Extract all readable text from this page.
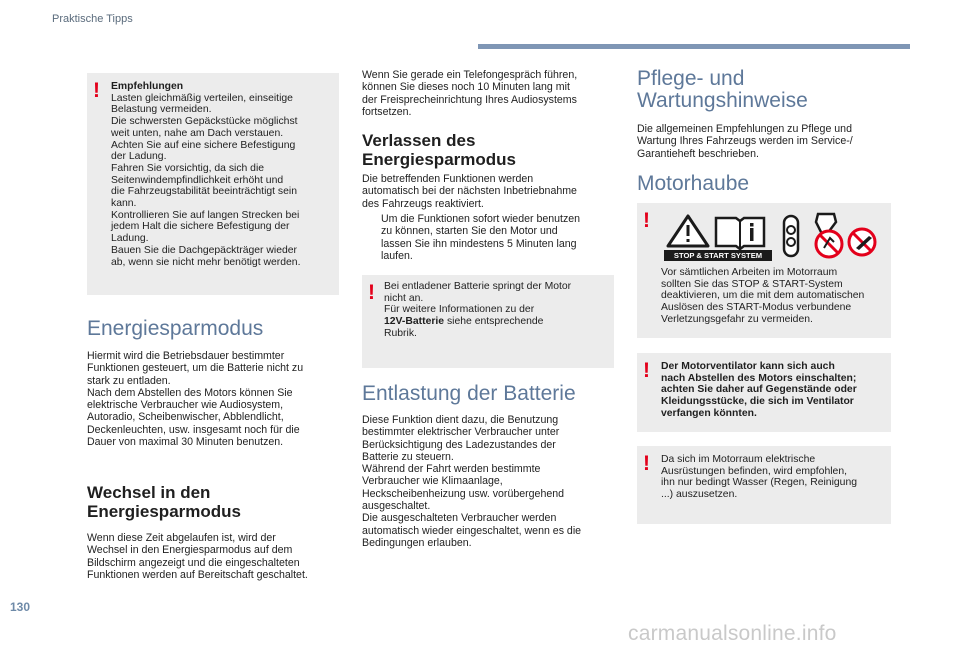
Praktische Tipps
130
carmanualsonline.info
! Empfehlungen

Lasten gleichmäßig verteilen, einseitige

Belastung vermeiden.

Die schwersten Gepäckstücke möglichst

weit unten, nahe am Dach verstauen.

Achten Sie auf eine sichere Befestigung

der Ladung.

Fahren Sie vorsichtig, da sich die

Seitenwindempfindlichkeit erhöht und

die Fahrzeugstabilität beeinträchtigt sein

kann.

Kontrollieren Sie auf langen Strecken bei

jedem Halt die sichere Befestigung der

Ladung.

Bauen Sie die Dachgepäckträger wieder

ab, wenn sie nicht mehr benötigt werden.

Energiesparmodus

Hiermit wird die Betriebsdauer bestimmter

Funktionen gesteuert, um die Batterie nicht zu

stark zu entladen.

Nach dem Abstellen des Motors können Sie

elektrische Verbraucher wie Audiosystem,

Autoradio, Scheibenwischer, Abblendlicht,

Deckenleuchten, usw. insgesamt noch für die

Dauer von maximal 30 Minuten benutzen.

Wechsel in den

Energiesparmodus

Wenn diese Zeit abgelaufen ist, wird der

Wechsel in den Energiesparmodus auf dem

Bildschirm angezeigt und die eingeschalteten

Funktionen werden auf Bereitschaft geschaltet.

Wenn Sie gerade ein Telefongespräch führen,

können Sie dieses noch 10 Minuten lang mit

der Freisprecheinrichtung Ihres Audiosystems

fortsetzen.

Verlassen des

Energiesparmodus

Die betreffenden Funktionen werden

automatisch bei der nächsten Inbetriebnahme

des Fahrzeugs reaktiviert.

Um die Funktionen sofort wieder benutzen

zu können, starten Sie den Motor und

lassen Sie ihn mindestens 5 Minuten lang

laufen.

! Bei entladener Batterie springt der Motor

nicht an.

Für weitere Informationen zu der

12V-Batterie siehe entsprechende

Rubrik.

Entlastung der Batterie

Diese Funktion dient dazu, die Benutzung

bestimmter elektrischer Verbraucher unter

Berücksichtigung des Ladezustandes der

Batterie zu steuern.

Während der Fahrt werden bestimmte

Verbraucher wie Klimaanlage,

Heckscheibenheizung usw. vorübergehend

ausgeschaltet.

Die ausgeschalteten Verbraucher werden

automatisch wieder eingeschaltet, wenn es die

Bedingungen erlauben.

Pflege- und

Wartungshinweise

Die allgemeinen Empfehlungen zu Pflege und

Wartung Ihres Fahrzeugs werden im Service-/

Garantieheft beschrieben.

Motorhaube
!

Vor sämtlichen Arbeiten im Motorraum

sollten Sie das STOP & START-System

deaktivieren, um die mit dem automatischen

Auslösen des START-Modus verbundene

Verletzungsgefahr zu vermeiden.

STOP & START SYSTEM
! Der Motorventilator kann sich auch

nach Abstellen des Motors einschalten;

achten Sie daher auf Gegenstände oder

Kleidungsstücke, die sich im Ventilator

verfangen könnten.

! Da sich im Motorraum elektrische

Ausrüstungen befinden, wird empfohlen,

ihn nur bedingt Wasser (Regen, Reinigung

...) auszusetzen.
